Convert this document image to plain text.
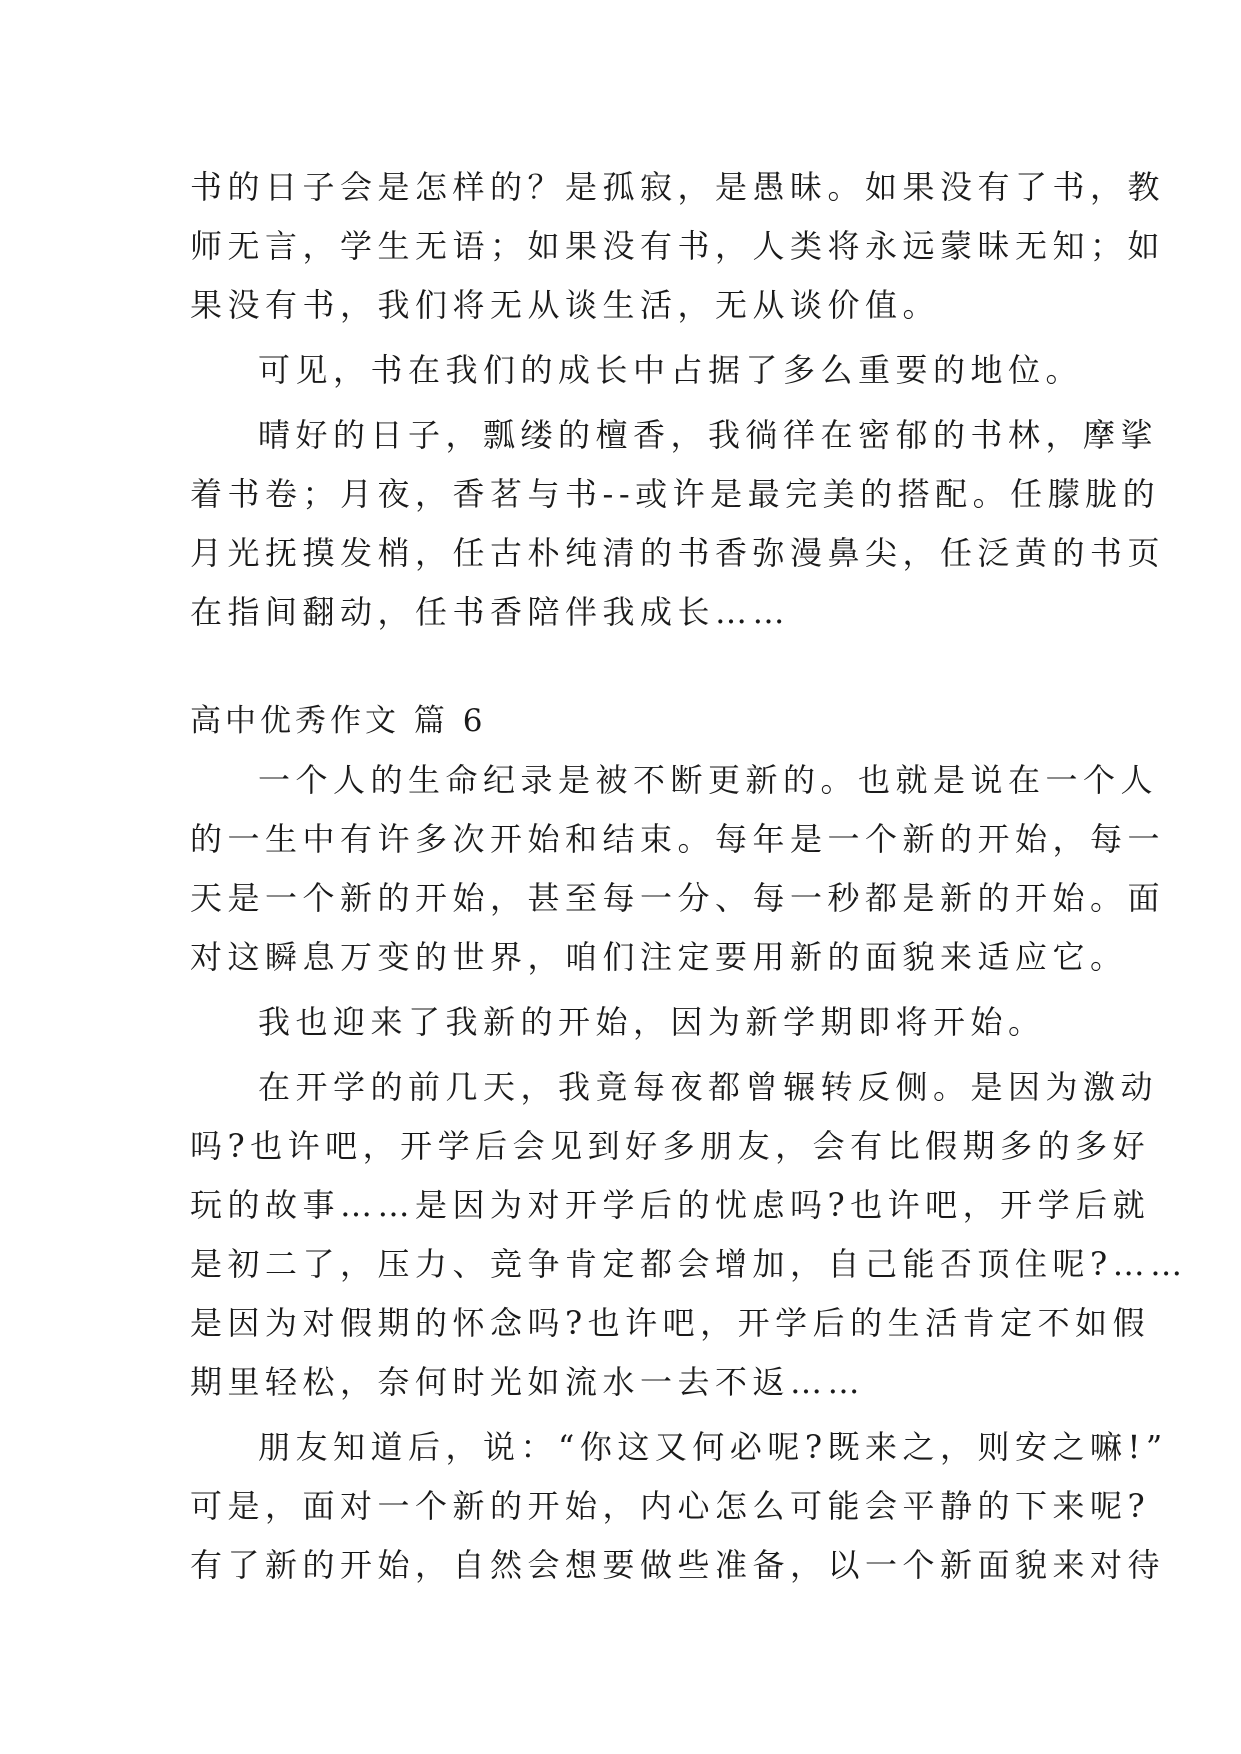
书的日子会是怎样的？是孤寂，是愚昧。如果没有了书，教
师无言，学生无语；如果没有书，人类将永远蒙昧无知；如
果没有书，我们将无从谈生活，无从谈价值。
可见，书在我们的成长中占据了多么重要的地位。
晴好的日子，瓢缕的檀香，我徜徉在密郁的书林，摩挲
着书卷；月夜，香茗与书--或许是最完美的搭配。任朦胧的
月光抚摸发梢，任古朴纯清的书香弥漫鼻尖，任泛黄的书页
在指间翻动，任书香陪伴我成长……
高中优秀作文 篇 6
一个人的生命纪录是被不断更新的。也就是说在一个人
的一生中有许多次开始和结束。每年是一个新的开始，每一
天是一个新的开始，甚至每一分、每一秒都是新的开始。面
对这瞬息万变的世界，咱们注定要用新的面貌来适应它。
我也迎来了我新的开始，因为新学期即将开始。
在开学的前几天，我竟每夜都曾辗转反侧。是因为激动
吗?也许吧，开学后会见到好多朋友，会有比假期多的多好
玩的故事……是因为对开学后的忧虑吗?也许吧，开学后就
是初二了，压力、竞争肯定都会增加，自己能否顶住呢?……
是因为对假期的怀念吗?也许吧，开学后的生活肯定不如假
期里轻松，奈何时光如流水一去不返……
朋友知道后，说：“你这又何必呢?既来之，则安之嘛!”
可是，面对一个新的开始，内心怎么可能会平静的下来呢?
有了新的开始，自然会想要做些准备，以一个新面貌来对待
